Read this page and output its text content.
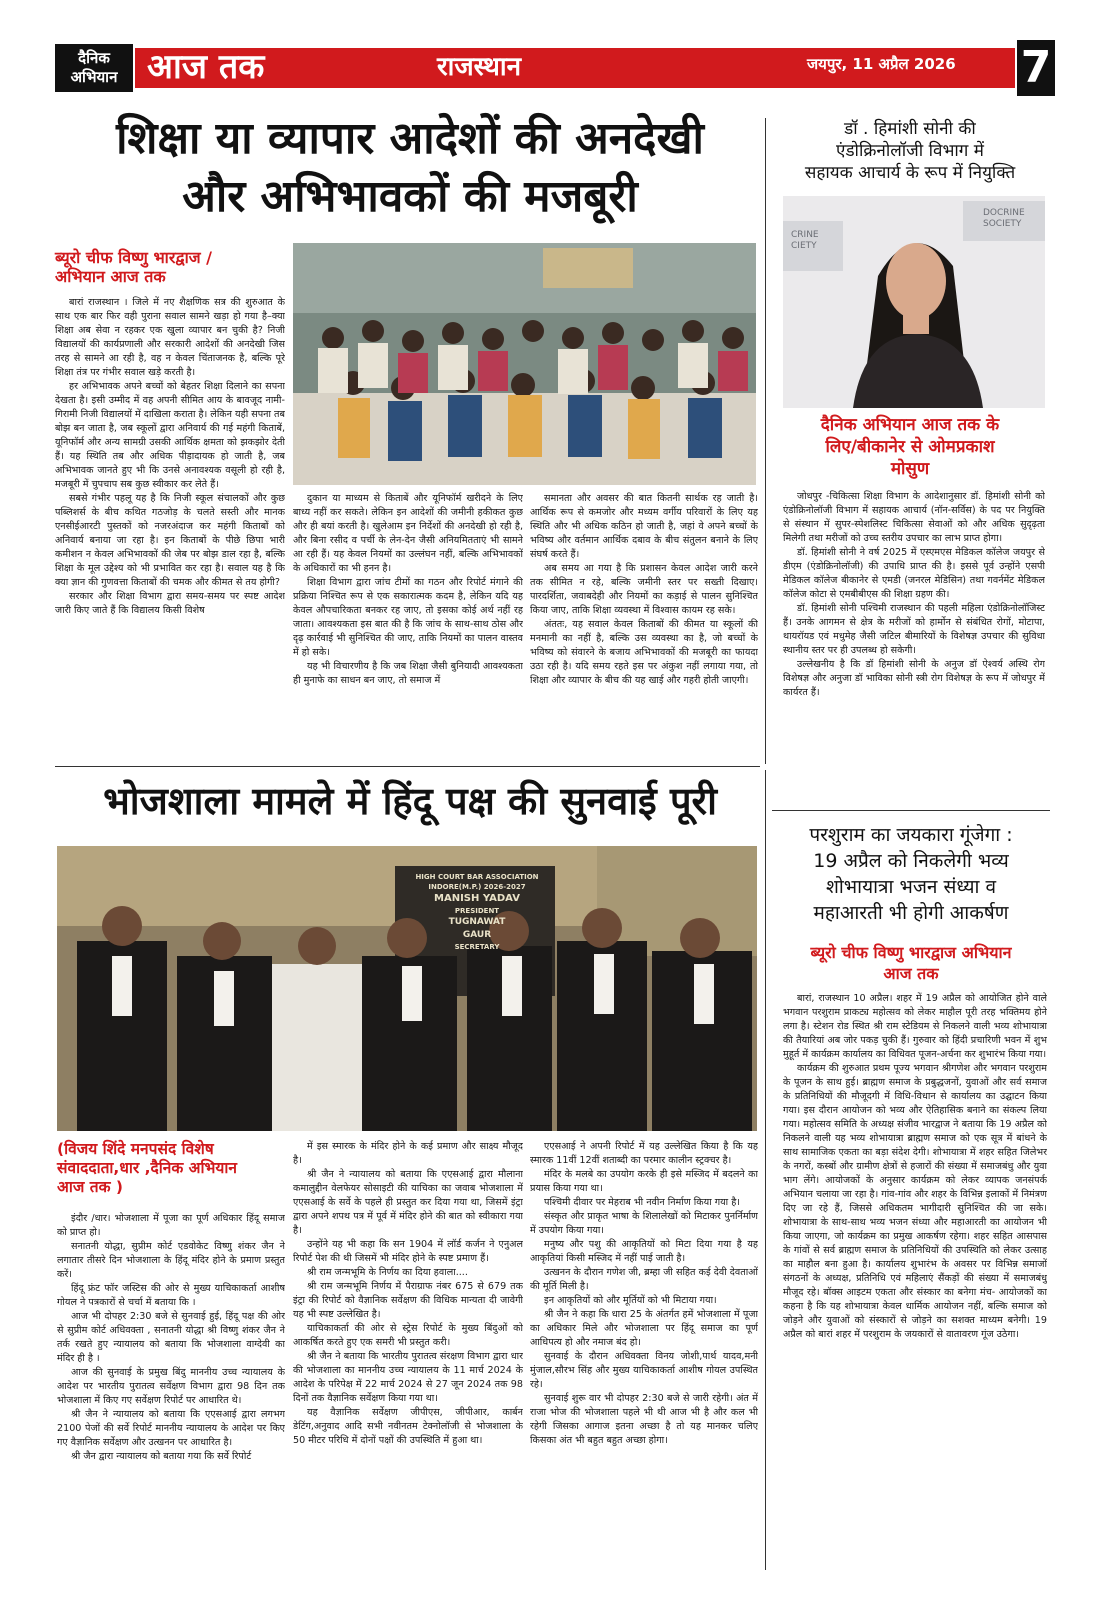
दैनिक
अभियान आज तक	राजस्थान	जयपुर, 11 अप्रैल 2026 7
शिक्षा या व्यापार आदेशों की अनदेखी
और अभिभावकों की मजबूरी
ब्यूरो चीफ विष्णु भारद्वाज /
अभियान आज तक

बारां राजस्थान । जिले में नए शैक्षणिक सत्र की शुरुआत के साथ एक बार फिर वही पुराना सवाल सामने खड़ा हो गया है–क्या शिक्षा अब सेवा न रहकर एक खुला व्यापार बन चुकी है? निजी विद्यालयों की कार्यप्रणाली और सरकारी आदेशों की अनदेखी जिस तरह से सामने आ रही है, वह न केवल चिंताजनक है, बल्कि पूरे शिक्षा तंत्र पर गंभीर सवाल खड़े करती है।

हर अभिभावक अपने बच्चों को बेहतर शिक्षा दिलाने का सपना देखता है। इसी उम्मीद में वह अपनी सीमित आय के बावजूद नामी-गिरामी निजी विद्यालयों में दाखिला कराता है। लेकिन यही सपना तब बोझ बन जाता है, जब स्कूलों द्वारा अनिवार्य की गई महंगी किताबें, यूनिफॉर्म और अन्य सामग्री उसकी आर्थिक क्षमता को झकझोर देती हैं। यह स्थिति तब और अधिक पीड़ादायक हो जाती है, जब अभिभावक जानते हुए भी कि उनसे अनावश्यक वसूली हो रही है, मजबूरी में चुपचाप सब कुछ स्वीकार कर लेते हैं।

सबसे गंभीर पहलू यह है कि निजी स्कूल संचालकों और कुछ पब्लिशर्स के बीच कथित गठजोड़ के चलते सस्ती और मानक एनसीईआरटी पुस्तकों को नजरअंदाज कर महंगी किताबों को अनिवार्य बनाया जा रहा है। इन किताबों के पीछे छिपा भारी कमीशन न केवल अभिभावकों की जेब पर बोझ डाल रहा है, बल्कि शिक्षा के मूल उद्देश्य को भी प्रभावित कर रहा है। सवाल यह है कि क्या ज्ञान की गुणवत्ता किताबों की चमक और कीमत से तय होगी?

सरकार और शिक्षा विभाग द्वारा समय-समय पर स्पष्ट आदेश जारी किए जाते हैं कि विद्यालय किसी विशेष

दुकान या माध्यम से किताबें और यूनिफॉर्म खरीदने के लिए बाध्य नहीं कर सकते। लेकिन इन आदेशों की जमीनी हकीकत कुछ और ही बयां करती है। खुलेआम इन निर्देशों की अनदेखी हो रही है, और बिना रसीद व पर्ची के लेन-देन जैसी अनियमितताएं भी सामने आ रही हैं। यह केवल नियमों का उल्लंघन नहीं, बल्कि अभिभावकों के अधिकारों का भी हनन है।

शिक्षा विभाग द्वारा जांच टीमों का गठन और रिपोर्ट मंगाने की प्रक्रिया निश्चित रूप से एक सकारात्मक कदम है, लेकिन यदि यह केवल औपचारिकता बनकर रह जाए, तो इसका कोई अर्थ नहीं रह जाता। आवश्यकता इस बात की है कि जांच के साथ-साथ ठोस और दृढ़ कार्रवाई भी सुनिश्चित की जाए, ताकि नियमों का पालन वास्तव में हो सके।

यह भी विचारणीय है कि जब शिक्षा जैसी बुनियादी आवश्यकता ही मुनाफे का साधन बन जाए, तो समाज में

समानता और अवसर की बात कितनी सार्थक रह जाती है। आर्थिक रूप से कमजोर और मध्यम वर्गीय परिवारों के लिए यह स्थिति और भी अधिक कठिन हो जाती है, जहां वे अपने बच्चों के भविष्य और वर्तमान आर्थिक दबाव के बीच संतुलन बनाने के लिए संघर्ष करते हैं।

अब समय आ गया है कि प्रशासन केवल आदेश जारी करने तक सीमित न रहे, बल्कि जमीनी स्तर पर सख्ती दिखाए। पारदर्शिता, जवाबदेही और नियमों का कड़ाई से पालन सुनिश्चित किया जाए, ताकि शिक्षा व्यवस्था में विश्वास कायम रह सके।

अंततः, यह सवाल केवल किताबों की कीमत या स्कूलों की मनमानी का नहीं है, बल्कि उस व्यवस्था का है, जो बच्चों के भविष्य को संवारने के बजाय अभिभावकों की मजबूरी का फायदा उठा रही है। यदि समय रहते इस पर अंकुश नहीं लगाया गया, तो शिक्षा और व्यापार के बीच की यह खाई और गहरी होती जाएगी।

डॉ . हिमांशी सोनी की
एंडोक्रिनोलॉजी विभाग में
सहायक आचार्य के रूप में नियुक्ति
CRINE
CIETY
DOCRINE
SOCIETY
दैनिक अभियान आज तक के
लिए/बीकानेर से ओमप्रकाश
मोसुण

जोधपुर -चिकित्सा शिक्षा विभाग के आदेशानुसार डॉ. हिमांशी सोनी को एंडोक्रिनोलॉजी विभाग में सहायक आचार्य (नॉन-सर्विस) के पद पर नियुक्ति से संस्थान में सुपर-स्पेशलिस्ट चिकित्सा सेवाओं को और अधिक सुदृढ़ता मिलेगी तथा मरीजों को उच्च स्तरीय उपचार का लाभ प्राप्त होगा।

डॉ. हिमांशी सोनी ने वर्ष 2025 में एस्‍एमएस मेडिकल कॉलेज जयपुर से डीएम (एंडोक्रिनोलॉजी) की उपाधि प्राप्त की है। इससे पूर्व उन्होंने एसपी मेडिकल कॉलेज बीकानेर से एमडी (जनरल मेडिसिन) तथा गवर्नमेंट मेडिकल कॉलेज कोटा से एमबीबीएस की शिक्षा ग्रहण की।

डॉ. हिमांशी सोनी पश्चिमी राजस्थान की पहली महिला एंडोक्रिनोलॉजिस्ट हैं। उनके आगमन से क्षेत्र के मरीजों को हार्मोन से संबंधित रोगों, मोटापा, थायरॉयड एवं मधुमेह जैसी जटिल बीमारियों के विशेषज्ञ उपचार की सुविधा स्थानीय स्तर पर ही उपलब्ध हो सकेगी।

उल्लेखनीय है कि डॉ हिमांशी सोनी के अनुज डॉ ऐश्वर्य अस्थि रोग विशेषज्ञ और अनुजा डॉ भाविका सोनी स्त्री रोग विशेषज्ञ के रूप में जोधपुर में कार्यरत हैं।

परशुराम का जयकारा गूंजेगा :
19 अप्रैल को निकलेगी भव्य
शोभायात्रा भजन संध्या व
महाआरती भी होगी आकर्षण
ब्यूरो चीफ विष्णु भारद्वाज अभियान
आज तक

बारां, राजस्थान 10 अप्रैल। शहर में 19 अप्रैल को आयोजित होने वाले भगवान परशुराम प्राकट्य महोत्सव को लेकर माहौल पूरी तरह भक्तिमय होने लगा है। स्टेशन रोड स्थित श्री राम स्टेडियम से निकलने वाली भव्य शोभायात्रा की तैयारियां अब जोर पकड़ चुकी हैं। गुरुवार को हिंदी प्रचारिणी भवन में शुभ मुहूर्त में कार्यक्रम कार्यालय का विधिवत पूजन-अर्चना कर शुभारंभ किया गया।

कार्यक्रम की शुरुआत प्रथम पूज्य भगवान श्रीगणेश और भगवान परशुराम के पूजन के साथ हुई। ब्राह्मण समाज के प्रबुद्धजनों, युवाओं और सर्व समाज के प्रतिनिधियों की मौजूदगी में विधि-विधान से कार्यालय का उद्घाटन किया गया। इस दौरान आयोजन को भव्य और ऐतिहासिक बनाने का संकल्प लिया गया। महोत्सव समिति के अध्यक्ष संजीव भारद्वाज ने बताया कि 19 अप्रैल को निकलने वाली यह भव्य शोभायात्रा ब्राह्मण समाज को एक सूत्र में बांधने के साथ सामाजिक एकता का बड़ा संदेश देगी। शोभायात्रा में शहर सहित जिलेभर के नगरों, कस्बों और ग्रामीण क्षेत्रों से हजारों की संख्या में समाजबंधु और युवा भाग लेंगे। आयोजकों के अनुसार कार्यक्रम को लेकर व्यापक जनसंपर्क अभियान चलाया जा रहा है। गांव-गांव और शहर के विभिन्न इलाकों में निमंत्रण दिए जा रहे हैं, जिससे अधिकतम भागीदारी सुनिश्चित की जा सके। शोभायात्रा के साथ-साथ भव्य भजन संध्या और महाआरती का आयोजन भी किया जाएगा, जो कार्यक्रम का प्रमुख आकर्षण रहेगा। शहर सहित आसपास के गांवों से सर्व ब्राह्मण समाज के प्रतिनिधियों की उपस्थिति को लेकर उत्साह का माहौल बना हुआ है। कार्यालय शुभारंभ के अवसर पर विभिन्न समाजों संगठनों के अध्यक्ष, प्रतिनिधि एवं महिलाएं सैंकड़ों की संख्या में समाजबंधु मौजूद रहे। बॉक्स आइटम एकता और संस्कार का बनेगा मंच- आयोजकों का कहना है कि यह शोभायात्रा केवल धार्मिक आयोजन नहीं, बल्कि समाज को जोड़ने और युवाओं को संस्कारों से जोड़ने का सशक्त माध्यम बनेगी। 19 अप्रैल को बारां शहर में परशुराम के जयकारों से वातावरण गूंज उठेगा।

भोजशाला मामले में हिंदू पक्ष की सुनवाई पूरी
HIGH COURT BAR ASSOCIATION
INDORE(M.P.) 2026-2027
MANISH YADAV
PRESIDENT
TUGNAWAT
GAUR
SECRETARY
(विजय शिंदे मनपसंद विशेष
संवाददाता,धार ,दैनिक अभियान
आज तक )

इंदौर /धार। भोजशाला में पूजा का पूर्ण अधिकार हिंदू समाज को प्राप्त हो।

सनातनी योद्धा, सुप्रीम कोर्ट एडवोकेट विष्णु शंकर जैन ने लगातार तीसरे दिन भोजशाला के हिंदू मंदिर होने के प्रमाण प्रस्तुत करें।

हिंदू फ्रंट फॉर जस्टिस की ओर से मुख्य याचिकाकर्ता आशीष गोयल ने पत्रकारों से चर्चा में बताया कि ।

आज भी दोपहर 2:30 बजे से सुनवाई हुई, हिंदू पक्ष की ओर से सुप्रीम कोर्ट अधिवक्ता , सनातनी योद्धा श्री विष्णु शंकर जैन ने तर्क रखते हुए न्यायालय को बताया कि भोजशाला वाग्देवी का मंदिर ही है ।

आज की सुनवाई के प्रमुख बिंदु माननीय उच्च न्यायालय के आदेश पर भारतीय पुरातत्व सर्वेक्षण विभाग द्वारा 98 दिन तक भोजशाला में किए गए सर्वेक्षण रिपोर्ट पर आधारित थे।

श्री जैन ने न्यायालय को बताया कि एएसआई द्वारा लगभग 2100 पेजों की सर्वे रिपोर्ट माननीय न्यायालय के आदेश पर किए गए वैज्ञानिक सर्वेक्षण और उत्खनन पर आधारित है।

श्री जैन द्वारा न्यायालय को बताया गया कि सर्वे रिपोर्ट

में इस स्मारक के मंदिर होने के कई प्रमाण और साक्ष्य मौजूद है।

श्री जैन ने न्यायालय को बताया कि एएसआई द्वारा मौलाना कमालुद्दीन वेलफेयर सोसाइटी की याचिका का जवाब भोजशाला में एएसआई के सर्वे के पहले ही प्रस्तुत कर दिया गया था, जिसमें इंट्रा द्वारा अपने शपथ पत्र में पूर्व में मंदिर होने की बात को स्वीकारा गया है।

उन्होंने यह भी कहा कि सन 1904 में लॉर्ड कर्जन ने एनुअल रिपोर्ट पेश की थी जिसमें भी मंदिर होने के स्पष्ट प्रमाण हैं।

श्री राम जन्मभूमि के निर्णय का दिया हवाला....

श्री राम जन्मभूमि निर्णय में पैराग्राफ नंबर 675 से 679 तक इंट्रा की रिपोर्ट को वैज्ञानिक सर्वेक्षण की विधिक मान्यता दी जावेगी यह भी स्पष्ट उल्लेखित है।

याचिकाकर्ता की ओर से स्‍ट्रेस रिपोर्ट के मुख्य बिंदुओं को आकर्षित करते हुए एक समरी भी प्रस्तुत करी।

श्री जैन ने बताया कि भारतीय पुरातत्व संरक्षण विभाग द्वारा धार की भोजशाला का माननीय उच्च न्यायालय के 11 मार्च 2024 के आदेश के परिपेक्ष में 22 मार्च 2024 से 27 जून 2024 तक 98 दिनों तक वैज्ञानिक सर्वेक्षण किया गया था।

यह वैज्ञानिक सर्वेक्षण जीपीएस, जीपीआर, कार्बन डेटिंग,अनुवाद आदि सभी नवीनतम टेक्नोलॉजी से भोजशाला के 50 मीटर परिधि में दोनों पक्षों की उपस्थिति में हुआ था।

एएसआई ने अपनी रिपोर्ट में यह उल्लेखित किया है कि यह स्मारक 11वीं 12वीं शताब्दी का परमार कालीन स्ट्रक्चर है।

मंदिर के मलबे का उपयोग करके ही इसे मस्जिद में बदलने का प्रयास किया गया था।

पश्चिमी दीवार पर मेहराब भी नवीन निर्माण किया गया है।

संस्कृत और प्राकृत भाषा के शिलालेखों को मिटाकर पुनर्निर्माण में उपयोग किया गया।

मनुष्य और पशु की आकृतियों को मिटा दिया गया है यह आकृतियां किसी मस्जिद में नहीं पाई जाती है।

उत्खनन के दौरान गणेश जी, ब्रम्हा जी सहित कई देवी देवताओं की मूर्ति मिली है।

इन आकृतियों को और मूर्तियों को भी मिटाया गया।

श्री जैन ने कहा कि धारा 25 के अंतर्गत हमें भोजशाला में पूजा का अधिकार मिले और भोजशाला पर हिंदू समाज का पूर्ण आधिपत्य हो और नमाज बंद हो।

सुनवाई के दौरान अधिवक्ता विनय जोशी,पार्थ यादव,मनी मुंजाल,सौरभ सिंह और मुख्य याचिकाकर्ता आशीष गोयल उपस्थित रहे।

सुनवाई शुरू वार भी दोपहर 2:30 बजे से जारी रहेगी। अंत में राजा भोज की भोजशाला पहले भी थी आज भी है और कल भी रहेगी जिसका आगाज इतना अच्छा है तो यह मानकर चलिए किसका अंत भी बहुत बहुत अच्छा होगा।
